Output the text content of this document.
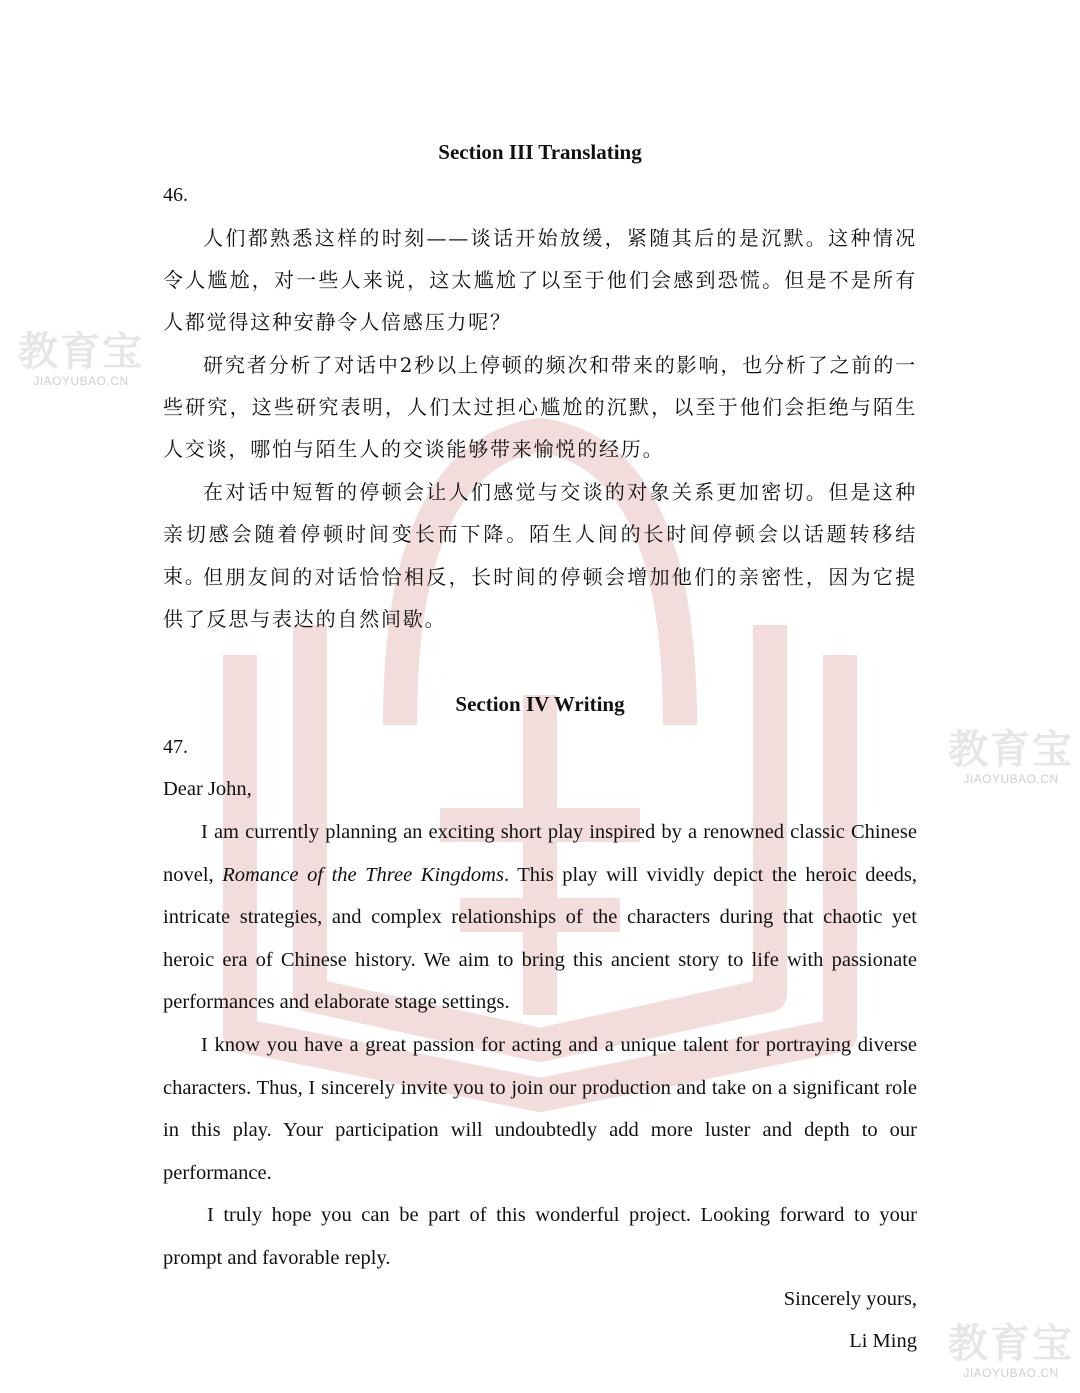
教育宝
JIAOYUBAO.CN
教育宝
JIAOYUBAO.CN
教育宝
JIAOYUBAO.CN
Section III Translating
46.
人们都熟悉这样的时刻——谈话开始放缓，紧随其后的是沉默。这种情况令人尴尬，对一些人来说，这太尴尬了以至于他们会感到恐慌。但是不是所有人都觉得这种安静令人倍感压力呢？
研究者分析了对话中2秒以上停顿的频次和带来的影响，也分析了之前的一些研究，这些研究表明，人们太过担心尴尬的沉默，以至于他们会拒绝与陌生人交谈，哪怕与陌生人的交谈能够带来愉悦的经历。
在对话中短暂的停顿会让人们感觉与交谈的对象关系更加密切。但是这种亲切感会随着停顿时间变长而下降。陌生人间的长时间停顿会以话题转移结束。
但朋友间的对话恰恰相反，长时间的停顿会增加他们的亲密性，因为它提供了反思与表达的自然间歇。
Section IV Writing
47.
Dear John,
I am currently planning an exciting short play inspired by a renowned classic Chinese novel, Romance of the Three Kingdoms. This play will vividly depict the heroic deeds, intricate strategies, and complex relationships of the characters during that chaotic yet heroic era of Chinese history. We aim to bring this ancient story to life with passionate performances and elaborate stage settings.
I know you have a great passion for acting and a unique talent for portraying diverse characters. Thus, I sincerely invite you to join our production and take on a significant role in this play. Your participation will undoubtedly add more luster and depth to our performance.
I truly hope you can be part of this wonderful project. Looking forward to your prompt and favorable reply.
Sincerely yours,
Li Ming
